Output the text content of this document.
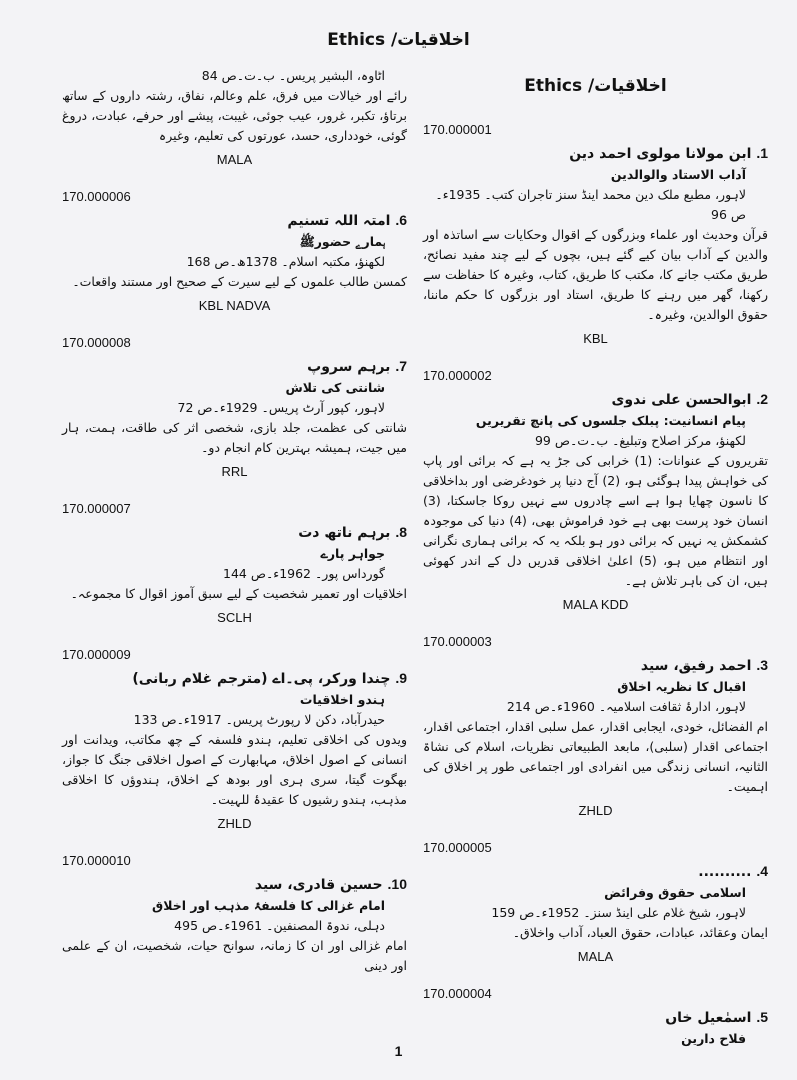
Ethics /اخلاقیات
Ethics /اخلاقیات
170.000001
1. ابن مولانا مولوی احمد دین
آداب الاستاد والوالدین
لاہور، مطبع ملک دین محمد اینڈ سنز تاجران کتب۔ 1935ء۔ص 96
قرآن وحدیث اور علماء وبزرگوں کے اقوال وحکایات سے اساتذہ اور والدین کے آداب بیان کیے گئے ہیں، بچوں کے لیے چند مفید نصائح، طریق مکتب جانے کا، مکتب کا طریق، کتاب، وغیرہ کا حفاظت سے رکھنا، گھر میں رہنے کا طریق، استاد اور بزرگوں کا حکم ماننا، حقوق الوالدین، وغیرہ۔
KBL
170.000002
2. ابوالحسن علی ندوی
پیام انسانیت: پبلک جلسوں کی پانچ تقریریں
لکھنؤ، مرکز اصلاح وتبلیغ۔ ب۔ت۔ص 99
تقریروں کے عنوانات: (1) خرابی کی جڑ یہ ہے کہ برائی اور پاپ کی خواہش پیدا ہوگئی ہو، (2) آج دنیا پر خودغرضی اور بداخلاقی کا ناسون چھایا ہوا ہے اسے چادروں سے نہیں روکا جاسکتا، (3) انسان خود پرست بھی ہے خود فراموش بھی، (4) دنیا کی موجودہ کشمکش یہ نہیں کہ برائی دور ہو بلکہ یہ کہ برائی ہماری نگرانی اور انتظام میں ہو، (5) اعلیٰ اخلاقی قدریں دل کے اندر کھوئی ہیں، ان کی باہر تلاش ہے۔
MALA KDD
170.000003
3. احمد رفیق، سید
اقبال کا نظریہ اخلاق
لاہور، ادارۂ ثقافت اسلامیہ۔ 1960ء۔ص 214
ام الفضائل، خودی، ایجابی اقدار، عمل سلبی اقدار، اجتماعی اقدار، اجتماعی اقدار (سلبی)، مابعد الطبیعاتی نظریات، اسلام کی نشاۃ الثانیہ، انسانی زندگی میں انفرادی اور اجتماعی طور پر اخلاق کی اہمیت۔
ZHLD
170.000005
4. ..........
اسلامی حقوق وفرائض
لاہور، شیخ غلام علی اینڈ سنز۔ 1952ء۔ص 159
ایمان وعقائد، عبادات، حقوق العباد، آداب واخلاق۔
MALA
170.000004
5. اسمٰعیل خاں
فلاح دارین
اٹاوہ، البشیر پریس۔ ب۔ت۔ص 84
رائے اور خیالات میں فرق، علم وعالم، نفاق، رشتہ داروں کے ساتھ برتاؤ، تکبر، غرور، عیب جوئی، غیبت، پیشے اور حرفے، عبادت، دروغ گوئی، خودداری، حسد، عورتوں کی تعلیم، وغیرہ
MALA
170.000006
6. امتہ اللہ تسنیم
ہمارے حضورﷺ
لکھنؤ، مکتبہ اسلام۔ 1378ھ۔ص 168
کمسن طالب علموں کے لیے سیرت کے صحیح اور مستند واقعات۔
KBL NADVA
170.000008
7. برہم سروپ
شانتی کی تلاش
لاہور، کپور آرٹ پریس۔ 1929ء۔ص 72
شانتی کی عظمت، جلد بازی، شخصی اثر کی طاقت، ہمت، ہار میں جیت، ہمیشہ بہترین کام انجام دو۔
RRL
170.000007
8. برہم ناتھ دت
جواہر پارے
گورداس پور۔ 1962ء۔ص 144
اخلاقیات اور تعمیر شخصیت کے لیے سبق آموز اقوال کا مجموعہ۔
SCLH
170.000009
9. چندا ورکر، پی۔اے (مترجم غلام ربانی)
ہندو اخلاقیات
حیدرآباد، دکن لا رپورٹ پریس۔ 1917ء۔ص 133
ویدوں کی اخلاقی تعلیم، ہندو فلسفہ کے چھ مکاتب، ویدانت اور انسانی کے اصول اخلاق، مہابھارت کے اصول اخلاقی جنگ کا جواز، بھگوت گیتا، سری ہری اور بودھ کے اخلاق، ہندوؤں کا اخلاقی مذہب، ہندو رشیوں کا عقیدۂ للہیت۔
ZHLD
170.000010
10. حسین قادری، سید
امام غزالی کا فلسفۂ مذہب اور اخلاق
دہلی، ندوۃ المصنفین۔ 1961ء۔ص 495
امام غزالی اور ان کا زمانہ، سوانح حیات، شخصیت، ان کے علمی اور دینی
1
